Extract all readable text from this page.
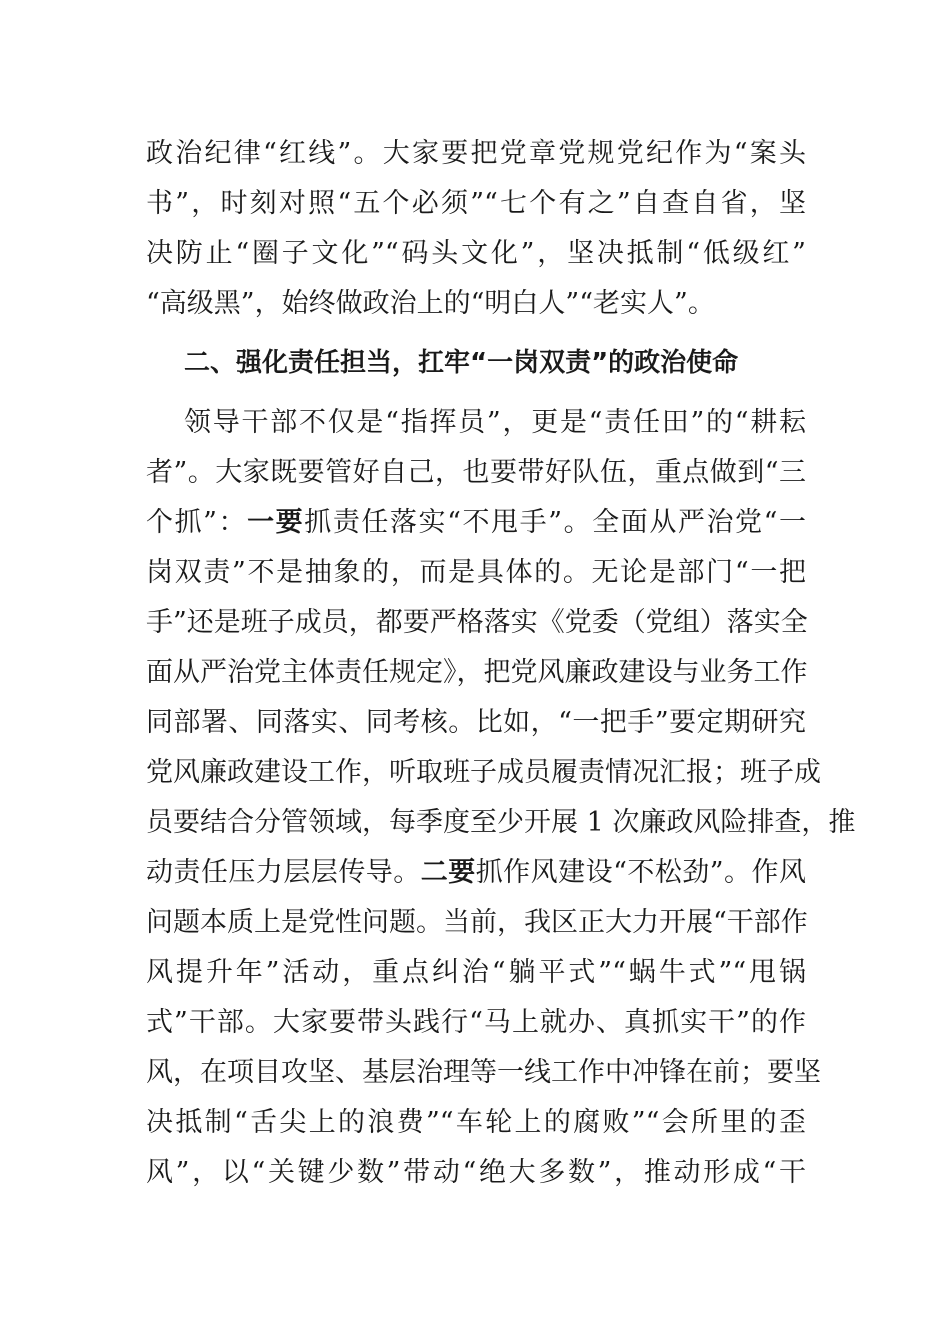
政治纪律“红线”。大家要把党章党规党纪作为“案头
书”，时刻对照“五个必须”“七个有之”自查自省，坚
决防止“圈子文化”“码头文化”，坚决抵制“低级红”
“高级黑”，始终做政治上的“明白人”“老实人”。
二、强化责任担当，扛牢“一岗双责”的政治使命
领导干部不仅是“指挥员”，更是“责任田”的“耕耘
者”。大家既要管好自己，也要带好队伍，重点做到“三
个抓”：一要抓责任落实“不甩手”。全面从严治党“一
岗双责”不是抽象的，而是具体的。无论是部门“一把
手”还是班子成员，都要严格落实《党委（党组）落实全
面从严治党主体责任规定》，把党风廉政建设与业务工作
同部署、同落实、同考核。比如，“一把手”要定期研究
党风廉政建设工作，听取班子成员履责情况汇报；班子成
员要结合分管领域，每季度至少开展 1 次廉政风险排查，推
动责任压力层层传导。二要抓作风建设“不松劲”。作风
问题本质上是党性问题。当前，我区正大力开展“干部作
风提升年”活动，重点纠治“躺平式”“蜗牛式”“甩锅
式”干部。大家要带头践行“马上就办、真抓实干”的作
风，在项目攻坚、基层治理等一线工作中冲锋在前；要坚
决抵制“舌尖上的浪费”“车轮上的腐败”“会所里的歪
风”，以“关键少数”带动“绝大多数”，推动形成“干
